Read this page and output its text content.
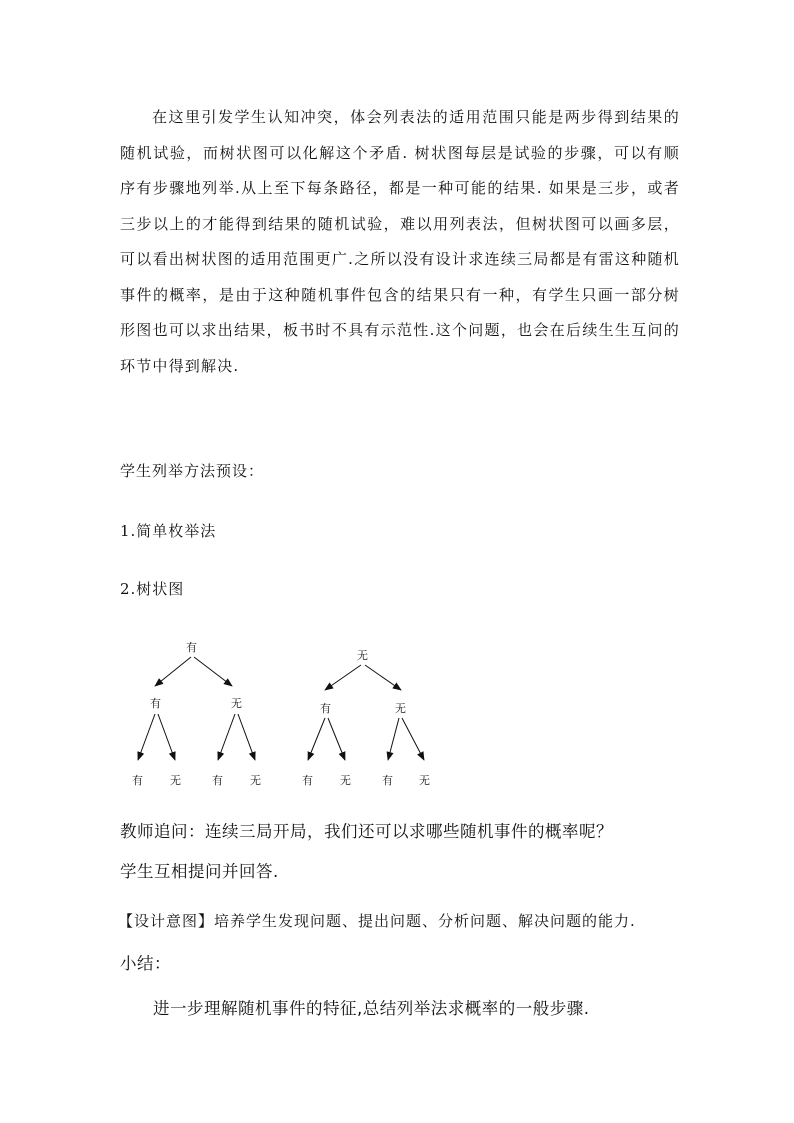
在这里引发学生认知冲突，体会列表法的适用范围只能是两步得到结果的随机试验，而树状图可以化解这个矛盾. 树状图每层是试验的步骤，可以有顺序有步骤地列举.从上至下每条路径，都是一种可能的结果. 如果是三步，或者三步以上的才能得到结果的随机试验，难以用列表法，但树状图可以画多层，可以看出树状图的适用范围更广.之所以没有设计求连续三局都是有雷这种随机事件的概率，是由于这种随机事件包含的结果只有一种，有学生只画一部分树形图也可以求出结果，板书时不具有示范性.这个问题，也会在后续生生互问的环节中得到解决.

学生列举方法预设：

1.简单枚举法

2.树状图

有
有	无
有 无	有 无
无
有	无
有 无	有 无

教师追问：连续三局开局，我们还可以求哪些随机事件的概率呢？

学生互相提问并回答.

【设计意图】培养学生发现问题、提出问题、分析问题、解决问题的能力.

小结：

进一步理解随机事件的特征,总结列举法求概率的一般步骤.
